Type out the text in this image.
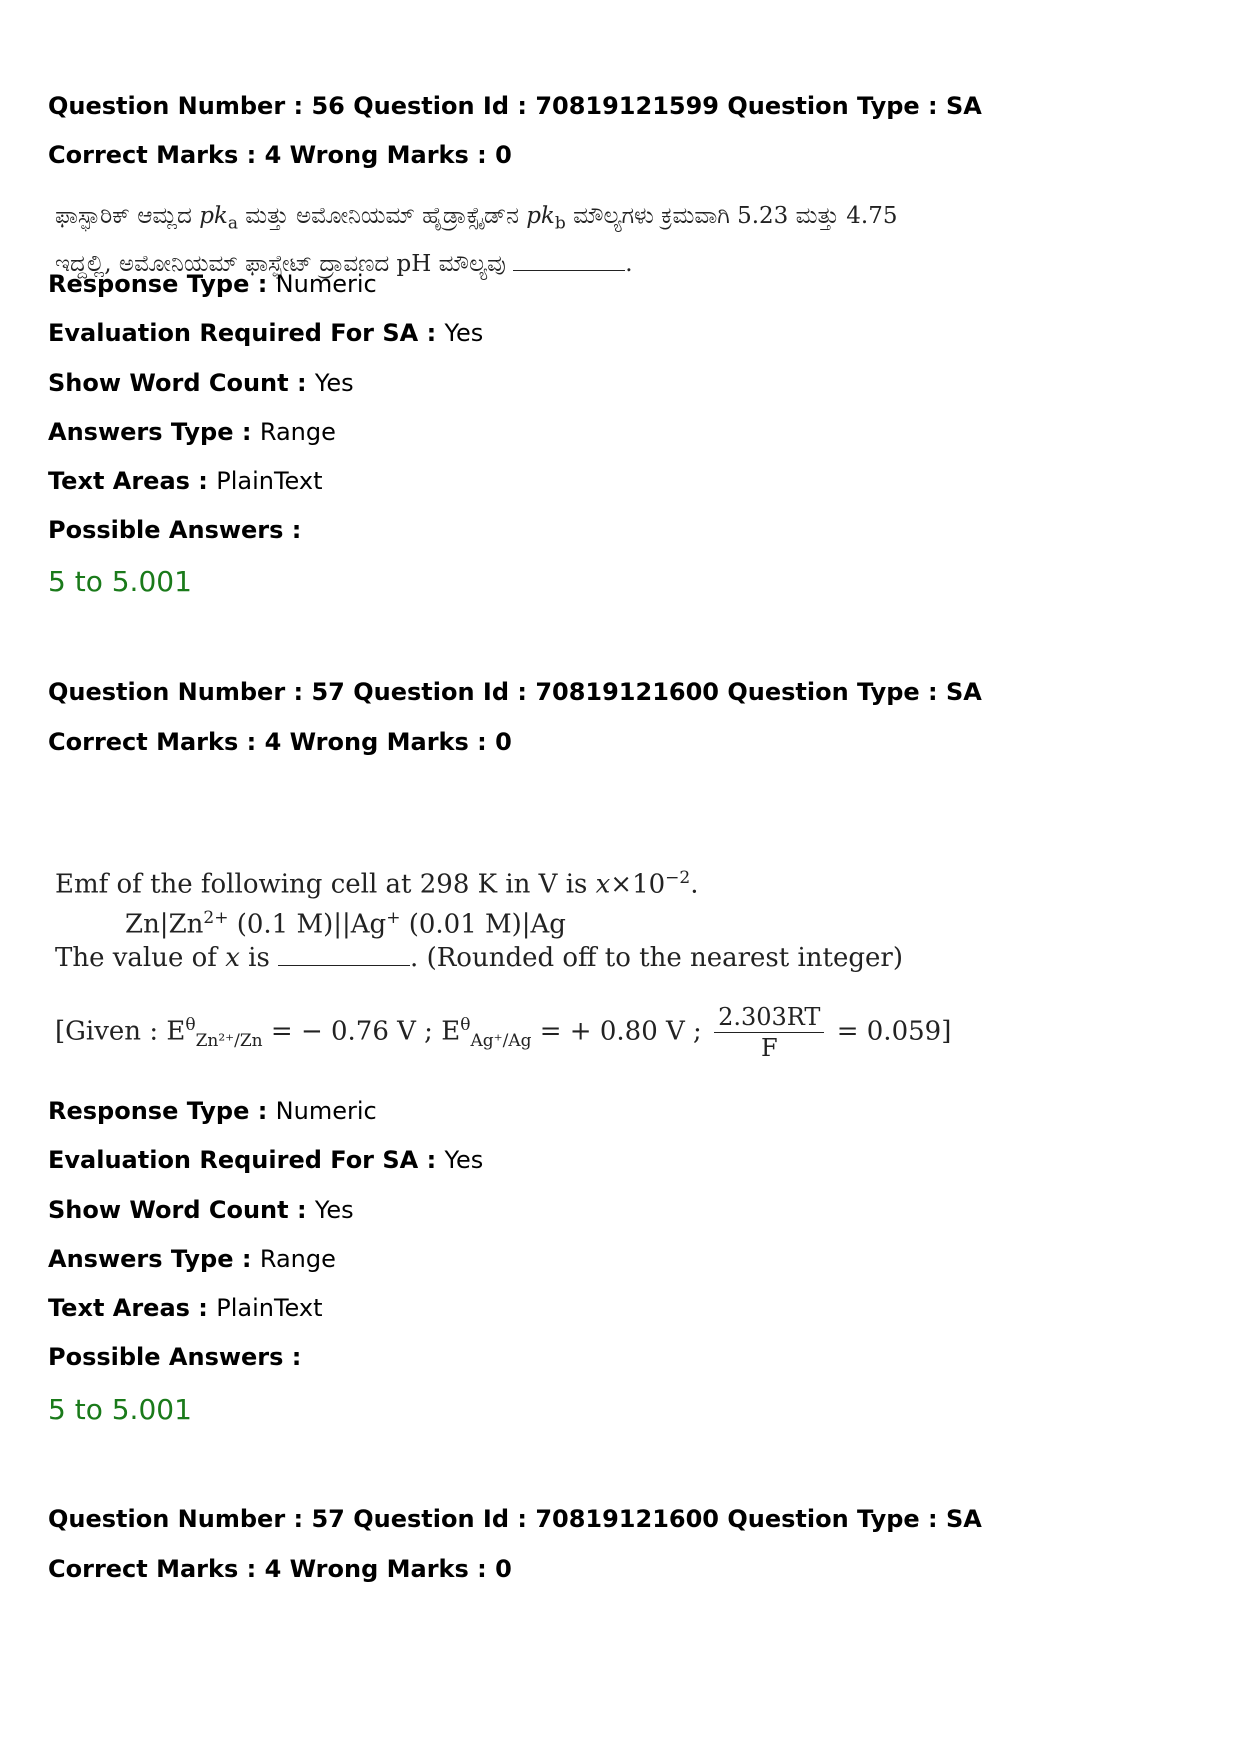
Question Number : 56 Question Id : 70819121599 Question Type : SA
Correct Marks : 4 Wrong Marks : 0
ಫಾಸ್ಫಾರಿಕ್ ಆಮ್ಲದ $pk_a$ ಮತ್ತು ಅಮೋನಿಯಮ್ ಹೈಡ್ರಾಕ್ಸೈಡ್‌ನ $pk_b$ ಮೌಲ್ಯಗಳು ಕ್ರಮವಾಗಿ 5.23 ಮತ್ತು 4.75
ಇದ್ದಲ್ಲಿ, ಅಮೋನಿಯಮ್ ಫಾಸ್ಫೇಟ್ ದ್ರಾವಣದ pH ಮೌಲ್ಯವು	.
Response Type : Numeric
Evaluation Required For SA : Yes
Show Word Count : Yes
Answers Type : Range
Text Areas : PlainText
Possible Answers :
5 to 5.001
Question Number : 57 Question Id : 70819121600 Question Type : SA
Correct Marks : 4 Wrong Marks : 0
Emf of the following cell at 298 K in V is $x\times 10^{-2}$.
$Zn|Zn^{2+}$ (0.1 M)||Ag+ (0.01 M)|Ag
The value of x is	. (Rounded off to the nearest integer)
[Given : $E^\theta_{Zn^{2+}/Zn}$ = − 0.76 V ; $E^\theta_{Ag^+/Ag}$ = + 0.80 V ; $\frac{2.303RT}{F} = 0.059$]
Response Type : Numeric
Evaluation Required For SA : Yes
Show Word Count : Yes
Answers Type : Range
Text Areas : PlainText
Possible Answers :
5 to 5.001
Question Number : 57 Question Id : 70819121600 Question Type : SA
Correct Marks : 4 Wrong Marks : 0
